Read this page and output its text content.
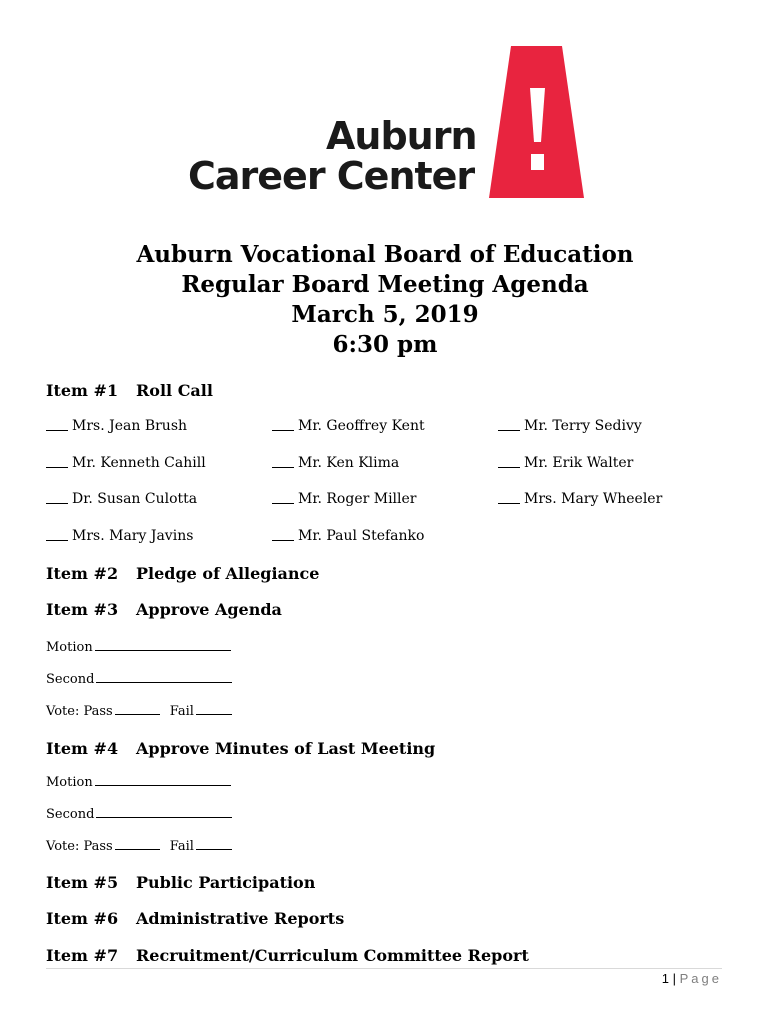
Auburn
Career Center
Auburn Vocational Board of Education
Regular Board Meeting Agenda
March 5, 2019
6:30 pm
Item #1 Roll Call
Mrs. Jean Brush	Mr. Geoffrey Kent	Mr. Terry Sedivy
Mr. Kenneth Cahill	Mr. Ken Klima	Mr. Erik Walter
Dr. Susan Culotta	Mr. Roger Miller	Mrs. Mary Wheeler
Mrs. Mary Javins	Mr. Paul Stefanko
Item #2 Pledge of Allegiance
Item #3 Approve Agenda
Motion
Second
Vote: Pass	Fail
Item #4 Approve Minutes of Last Meeting
Motion
Second
Vote: Pass	Fail
Item #5 Public Participation
Item #6 Administrative Reports
Item #7 Recruitment/Curriculum Committee Report
1 | Page
